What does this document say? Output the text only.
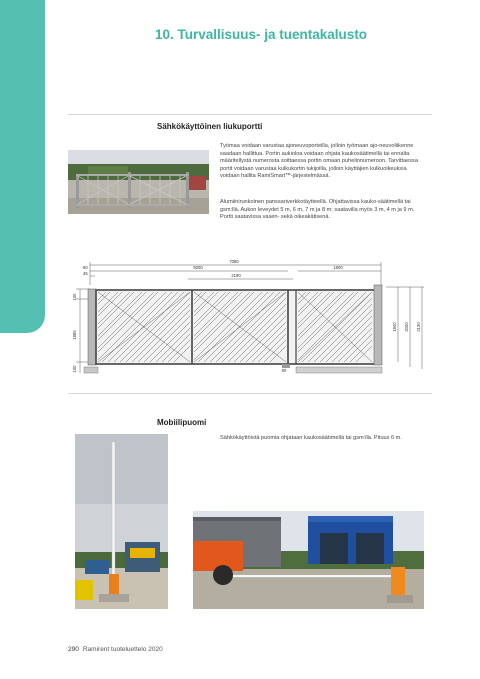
10. Turvallisuus- ja tuentakalusto
Sähkökäyttöinen liukuportti
Työmaa voidaan varustaa ajoneuvoporteilla, jolloin työmaan ajo-neuvoliikenne saadaan hallittua. Portin aukioloa voidaan ohjata kaukosäätimellä tai ennalta määritellystä numerosta soittaessa portin omaan puhelinnumeroon. Tarvittaessa portit voidaan varustaa kulkukortin lukijoilla, jolloin käyttäjien kulkuoikeuksia voidaan hallita RamiSmart™-järjestelmässä.
Alumiinirunkoinen panssariverkkotäytteellä. Ohjattavissa kauko-säätimellä tai gsm:llä. Aukon leveydet 5 m, 6 m, 7 m ja 8 m; saatavilla myös 3 m, 4 m ja 9 m. Portti saatavissa vasen- sekä oikeakätisenä.
7080
80
45
5000	1800
2190
100
1885
100	80
1840 2000 2130
Mobiilipuomi
Sähkökäyttöistä puomia ohjataan kaukosäätimellä tai gsm:llä. Pituus 6 m.
290 Ramirent tuoteluettelo 2020
